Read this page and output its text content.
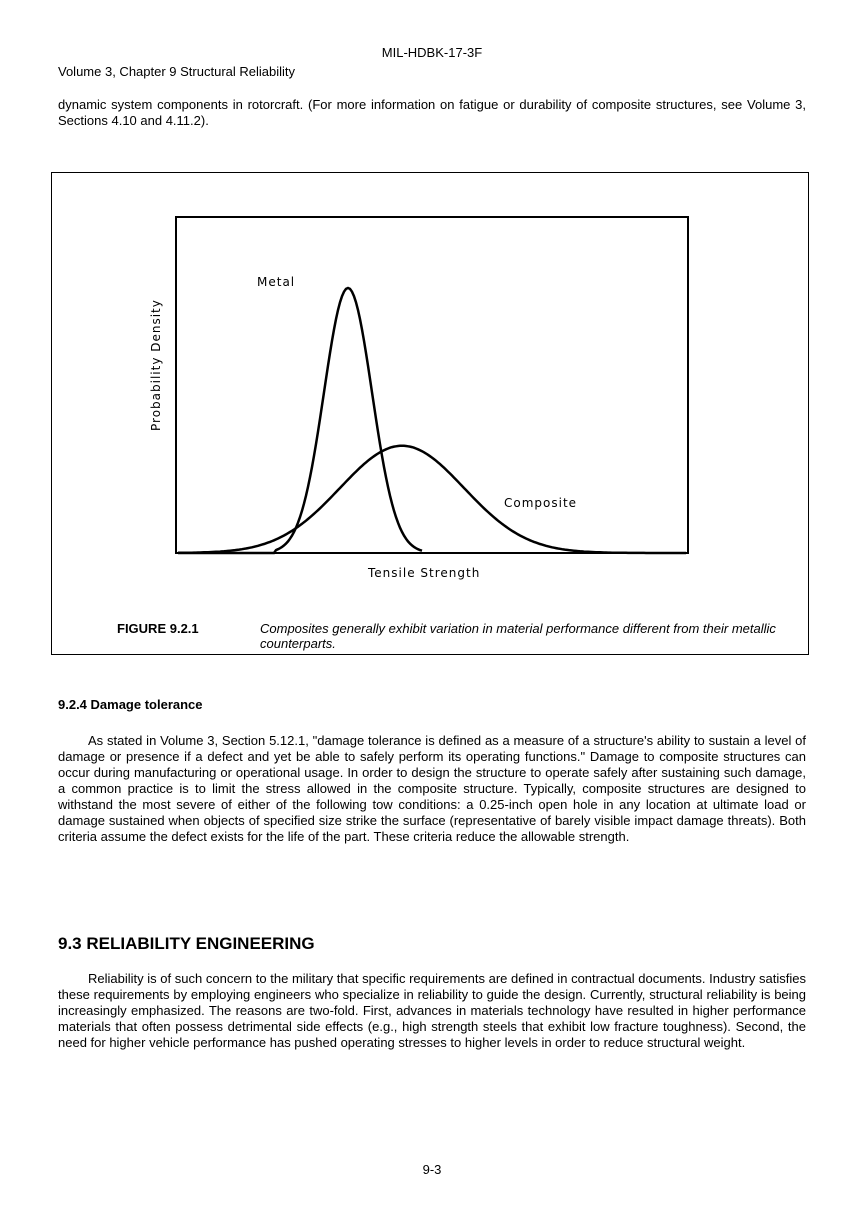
MIL-HDBK-17-3F
Volume 3, Chapter 9 Structural Reliability

dynamic system components in rotorcraft. (For more information on fatigue or durability of composite structures, see Volume 3, Sections 4.10 and 4.11.2).

Metal
Composite
Tensile Strength
Probability Density
FIGURE 9.2.1	Composites generally exhibit variation in material performance different from their metallic counterparts.
9.2.4 Damage tolerance

As stated in Volume 3, Section 5.12.1, "damage tolerance is defined as a measure of a structure's ability to sustain a level of damage or presence if a defect and yet be able to safely perform its operating functions." Damage to composite structures can occur during manufacturing or operational usage. In order to design the structure to operate safely after sustaining such damage, a common practice is to limit the stress allowed in the composite structure. Typically, composite structures are designed to withstand the most severe of either of the following tow conditions: a 0.25-inch open hole in any location at ultimate load or damage sustained when objects of specified size strike the surface (representative of barely visible impact damage threats). Both criteria assume the defect exists for the life of the part. These criteria reduce the allowable strength.

9.3 RELIABILITY ENGINEERING

Reliability is of such concern to the military that specific requirements are defined in contractual documents. Industry satisfies these requirements by employing engineers who specialize in reliability to guide the design. Currently, structural reliability is being increasingly emphasized. The reasons are two-fold. First, advances in materials technology have resulted in higher performance materials that often possess detrimental side effects (e.g., high strength steels that exhibit low fracture toughness). Second, the need for higher vehicle performance has pushed operating stresses to higher levels in order to reduce structural weight.

9-3
